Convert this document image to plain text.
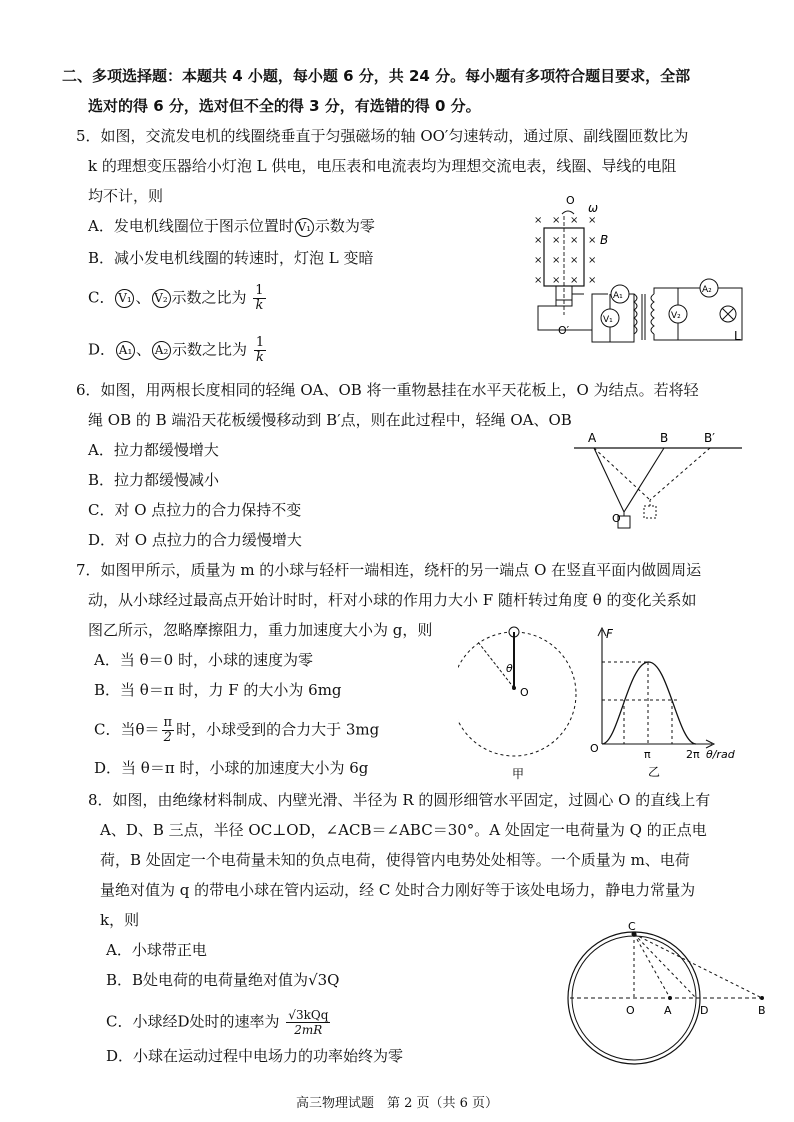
二、多项选择题：本题共 4 小题，每小题 6 分，共 24 分。每小题有多项符合题目要求，全部
选对的得 6 分，选对但不全的得 3 分，有选错的得 0 分。
5．如图，交流发电机的线圈绕垂直于匀强磁场的轴 OO′匀速转动，通过原、副线圈匝数比为
k 的理想变压器给小灯泡 L 供电，电压表和电流表均为理想交流电表，线圈、导线的电阻
均不计，则
A．发电机线圈位于图示位置时 V₁ 示数为零
B．减小发电机线圈的转速时，灯泡 L 变暗
C． V₁ 、 V₂ 示数之比为 $\frac{1}{k}$
D． A₁ 、 A₂ 示数之比为 $\frac{1}{k}$
O
ω
× × × ×
× × × ×
× × × ×
× × × ×
B
O′
A₁
V₁	V₂
A₂
L
6．如图，用两根长度相同的轻绳 OA、OB 将一重物悬挂在水平天花板上，O 为结点。若将轻
绳 OB 的 B 端沿天花板缓慢移动到 B′点，则在此过程中，轻绳 OA、OB
A．拉力都缓慢增大
B．拉力都缓慢减小
C．对 O 点拉力的合力保持不变
D．对 O 点拉力的合力缓慢增大
A	B	B′
O
7．如图甲所示，质量为 m 的小球与轻杆一端相连，绕杆的另一端点 O 在竖直平面内做圆周运
动，从小球经过最高点开始计时时，杆对小球的作用力大小 F 随杆转过角度 θ 的变化关系如
图乙所示，忽略摩擦阻力，重力加速度大小为 g，则
A．当 θ＝0 时，小球的速度为零
B．当 θ＝π 时，力 F 的大小为 6mg
C．当$\theta= \frac{\pi}{2}$ 时，小球受到的合力大于 3mg
D．当 θ＝π 时，小球的加速度大小为 6g
θ
O
甲
F
O	π	2π θ/rad
乙
8．如图，由绝缘材料制成、内壁光滑、半径为 R 的圆形细管水平固定，过圆心 O 的直线上有
A、D、B 三点，半径 OC⊥OD，∠ACB＝∠ABC＝30°。A 处固定一电荷量为 Q 的正点电
荷，B 处固定一个电荷量未知的负点电荷，使得管内电势处处相等。一个质量为 m、电荷
量绝对值为 q 的带电小球在管内运动，经 C 处时合力刚好等于该处电场力，静电力常量为
k，则
A．小球带正电
B．B处电荷的电荷量绝对值为√3Q
C．小球经D处时的速率为 $\frac{\text{√3kQq}}{2mR}$
D．小球在运动过程中电场力的功率始终为零
C
O	A	D	B
高三物理试题　第 2 页（共 6 页）
